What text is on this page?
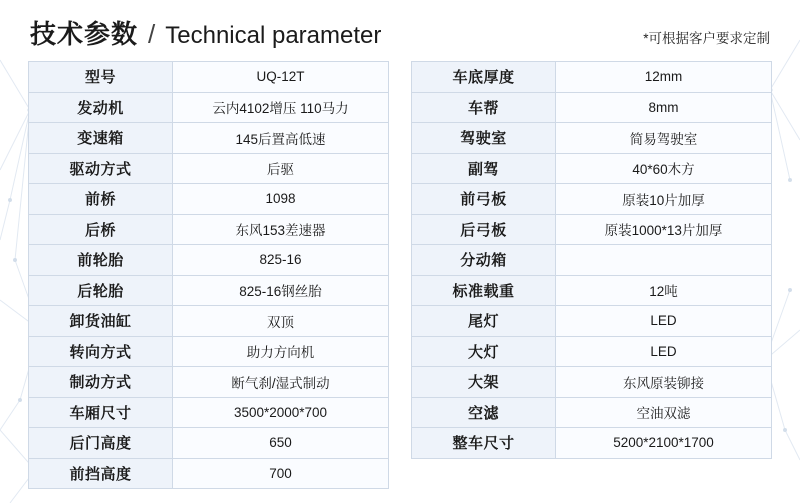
技术参数 / Technical parameter	*可根据客户要求定制
型号	UQ-12T
发动机	云内4102增压 110马力
变速箱	145后置高低速
驱动方式	后驱
前桥	1098
后桥	东风153差速器
前轮胎	825-16
后轮胎	825-16钢丝胎
卸货油缸	双顶
转向方式	助力方向机
制动方式	断气刹/湿式制动
车厢尺寸	3500*2000*700
后门高度	650
前挡高度	700
车底厚度	12mm
车帮	8mm
驾驶室	简易驾驶室
副驾	40*60木方
前弓板	原装10片加厚
后弓板	原装1000*13片加厚
分动箱	
标准载重	12吨
尾灯	LED
大灯	LED
大架	东风原装铆接
空滤	空油双滤
整车尺寸	5200*2100*1700
